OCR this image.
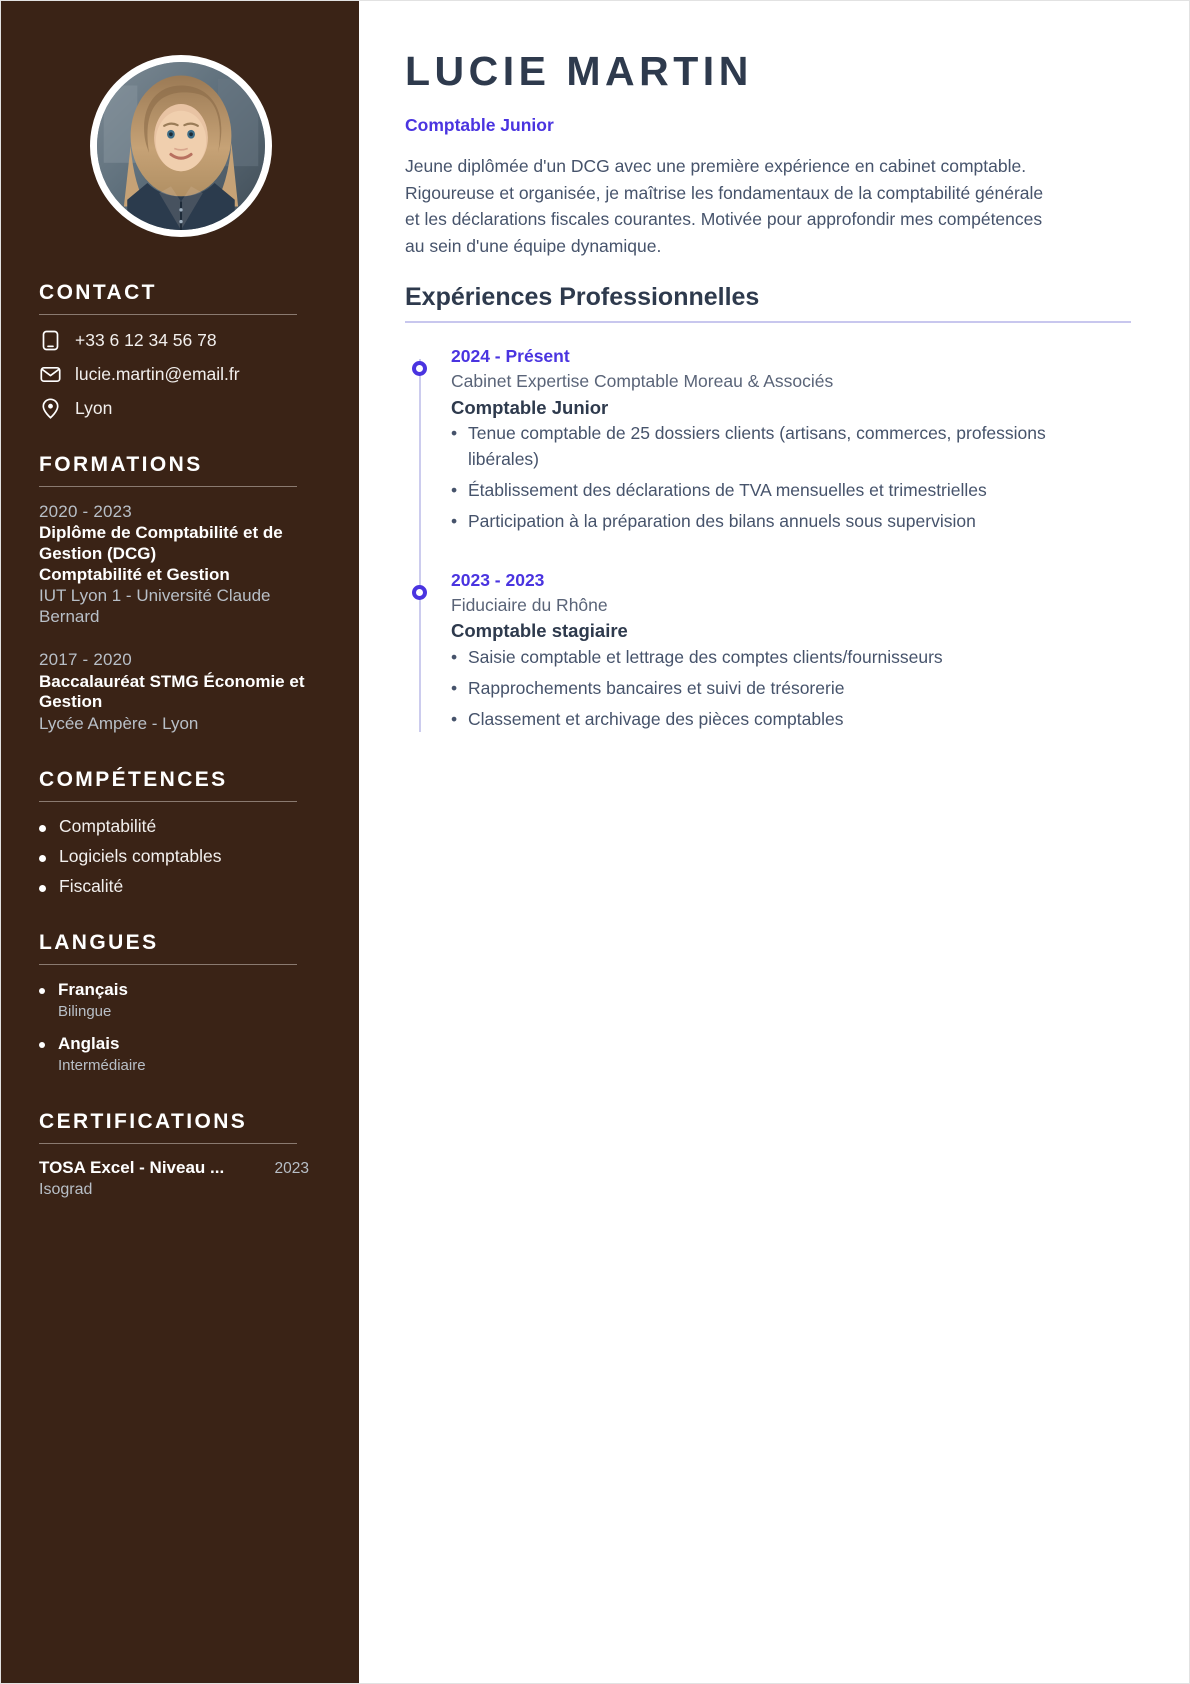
CONTACT
+33 6 12 34 56 78
lucie.martin@email.fr
Lyon
FORMATIONS
2020 - 2023
Diplôme de Comptabilité et de Gestion (DCG)
Comptabilité et Gestion
IUT Lyon 1 - Université Claude Bernard
2017 - 2020
Baccalauréat STMG Économie et Gestion
Lycée Ampère - Lyon
COMPÉTENCES
Comptabilité
Logiciels comptables
Fiscalité
LANGUES
Français
Bilingue
Anglais
Intermédiaire
CERTIFICATIONS
TOSA Excel - Niveau ...	2023
Isograd
LUCIE MARTIN
Comptable Junior

Jeune diplômée d'un DCG avec une première expérience en cabinet comptable. Rigoureuse et organisée, je maîtrise les fondamentaux de la comptabilité générale et les déclarations fiscales courantes. Motivée pour approfondir mes compétences au sein d'une équipe dynamique.

Expériences Professionnelles
2024 - Présent
Cabinet Expertise Comptable Moreau & Associés
Comptable Junior
• Tenue comptable de 25 dossiers clients (artisans, commerces, professions libérales)
• Établissement des déclarations de TVA mensuelles et trimestrielles
• Participation à la préparation des bilans annuels sous supervision
2023 - 2023
Fiduciaire du Rhône
Comptable stagiaire
• Saisie comptable et lettrage des comptes clients/fournisseurs
• Rapprochements bancaires et suivi de trésorerie
• Classement et archivage des pièces comptables
